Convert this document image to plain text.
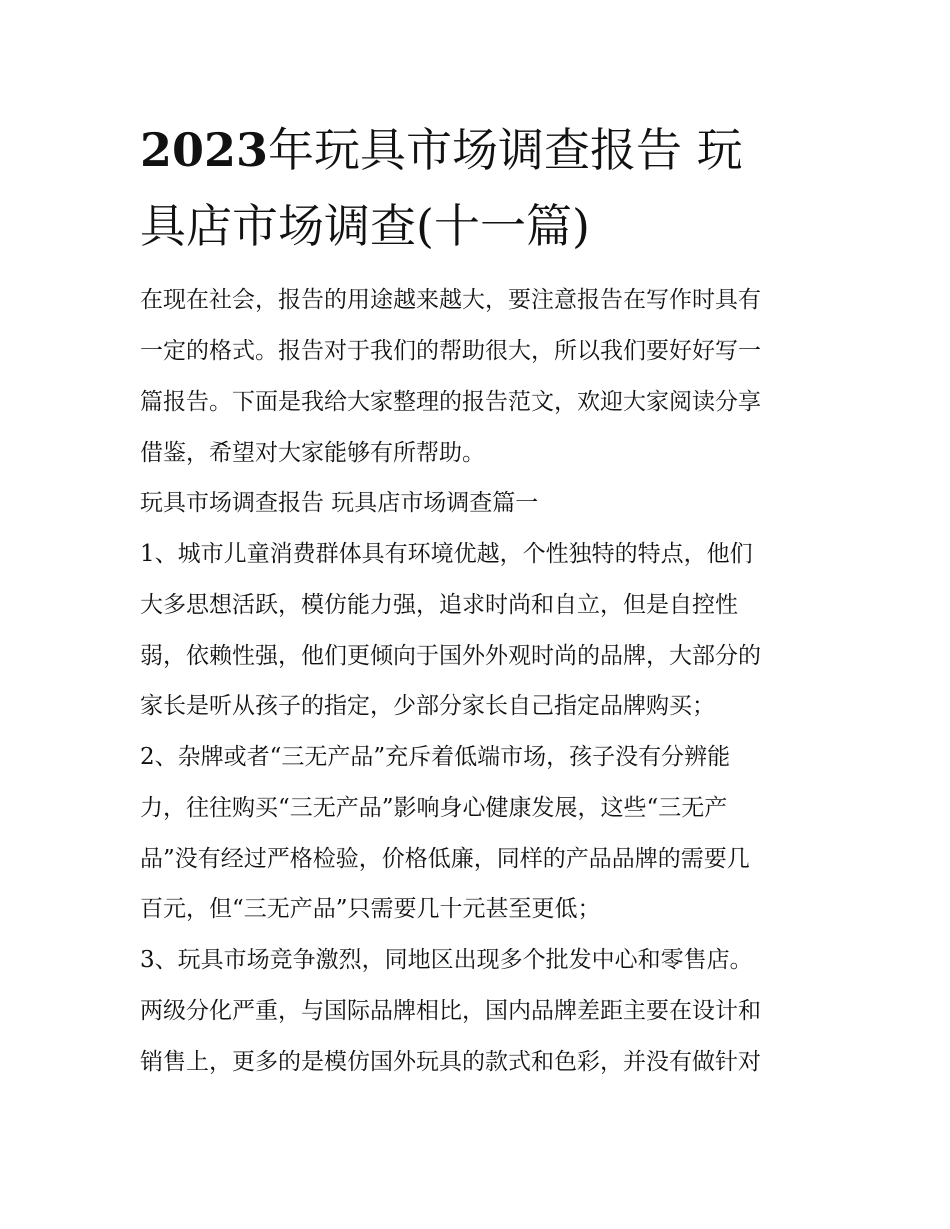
2023年玩具市场调查报告 玩
具店市场调查(十一篇)

在现在社会，报告的用途越来越大，要注意报告在写作时具有

一定的格式。报告对于我们的帮助很大，所以我们要好好写一

篇报告。下面是我给大家整理的报告范文，欢迎大家阅读分享

借鉴，希望对大家能够有所帮助。

玩具市场调查报告 玩具店市场调查篇一

1、城市儿童消费群体具有环境优越，个性独特的特点，他们

大多思想活跃，模仿能力强，追求时尚和自立，但是自控性

弱，依赖性强，他们更倾向于国外外观时尚的品牌，大部分的

家长是听从孩子的指定，少部分家长自己指定品牌购买；

2、杂牌或者“三无产品”充斥着低端市场，孩子没有分辨能

力，往往购买“三无产品”影响身心健康发展，这些“三无产

品”没有经过严格检验，价格低廉，同样的产品品牌的需要几

百元，但“三无产品”只需要几十元甚至更低；

3、玩具市场竞争激烈，同地区出现多个批发中心和零售店。

两级分化严重，与国际品牌相比，国内品牌差距主要在设计和

销售上，更多的是模仿国外玩具的款式和色彩，并没有做针对
